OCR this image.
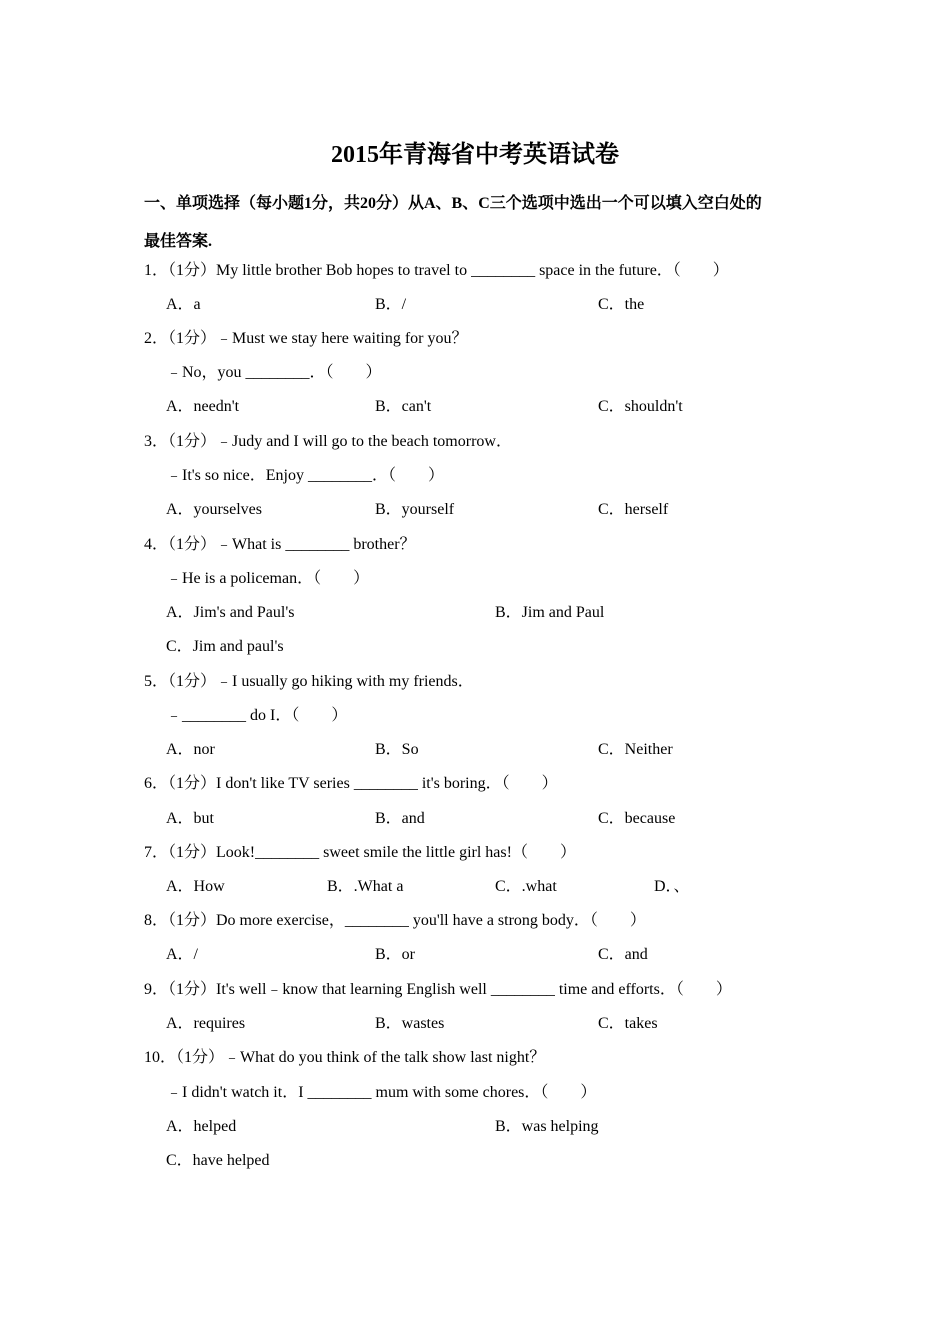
2015年青海省中考英语试卷
一、单项选择（每小题1分，共20分）从A、B、C三个选项中选出一个可以填入空白处的
最佳答案.
1．（1分）My little brother Bob hopes to travel to ________ space in the future．（　　）
A．a	B．/	C．the
2．（1分）﹣Must we stay here waiting for you？
﹣No，you ________．（　　）
A．needn't	B．can't	C．shouldn't
3．（1分）﹣Judy and I will go to the beach tomorrow．
﹣It's so nice．Enjoy ________．（　　）
A．yourselves	B．yourself	C．herself
4．（1分）﹣What is ________ brother？
﹣He is a policeman．（　　）
A．Jim's and Paul's	B．Jim and Paul
C．Jim and paul's
5．（1分）﹣I usually go hiking with my friends．
﹣________ do I．（　　）
A．nor	B．So	C．Neither
6．（1分）I don't like TV series ________ it's boring．（　　）
A．but	B．and	C．because
7．（1分）Look!________ sweet smile the little girl has!（　　）
A．How	B．.What a	C．.what	D．、
8．（1分）Do more exercise，________ you'll have a strong body．（　　）
A．/	B．or	C．and
9．（1分）It's well﹣know that learning English well ________ time and efforts．（　　）
A．requires	B．wastes	C．takes
10．（1分）﹣What do you think of the talk show last night？
﹣I didn't watch it．I ________ mum with some chores．（　　）
A．helped	B．was helping
C．have helped
